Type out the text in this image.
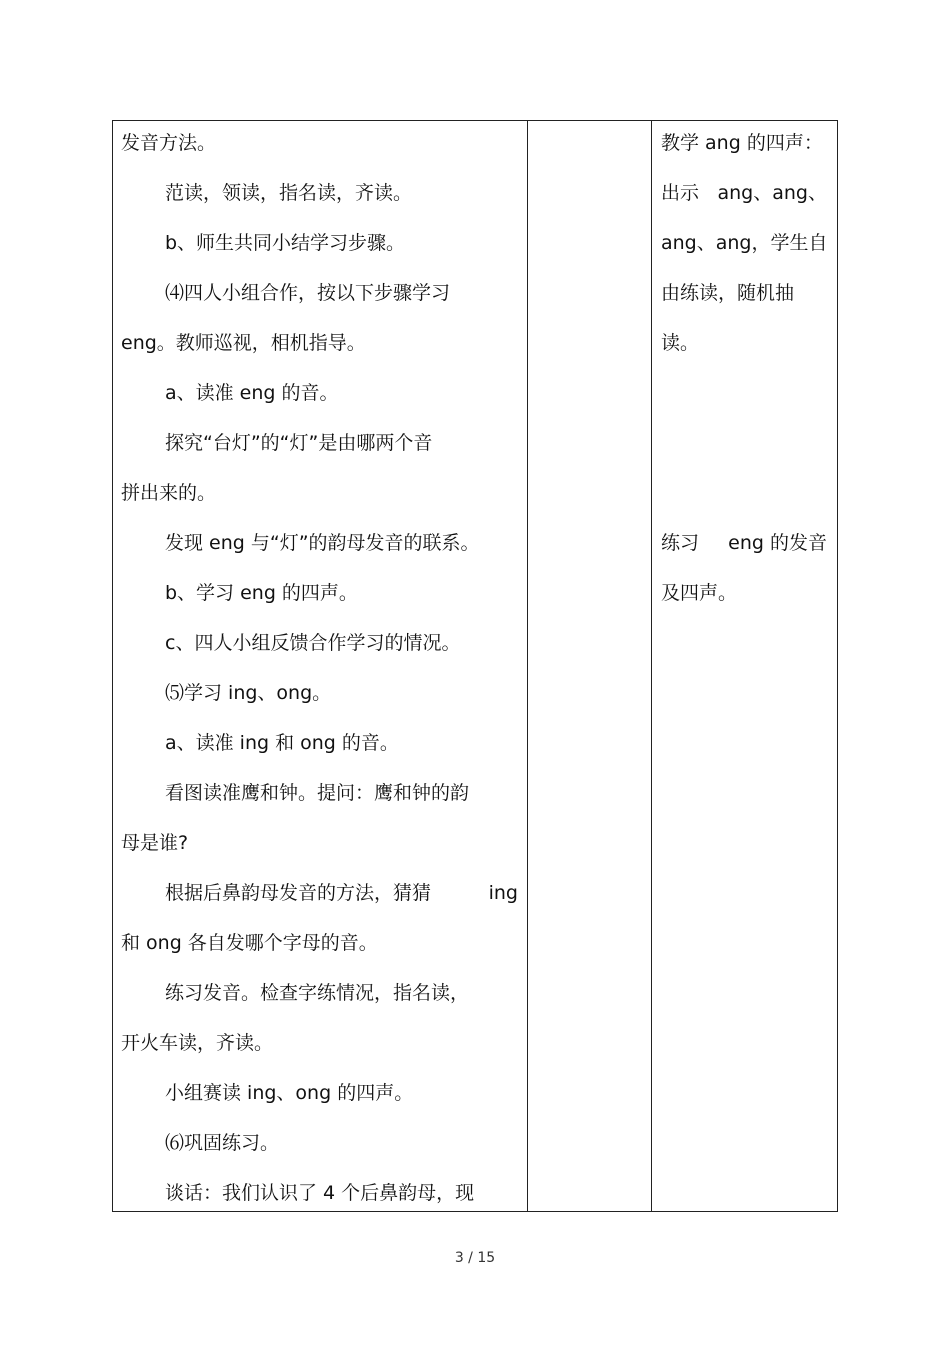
发音方法。
范读，领读，指名读，齐读。
b、师生共同小结学习步骤。
⑷四人小组合作，按以下步骤学习
eng。教师巡视，相机指导。
a、读准 eng 的音。
探究“台灯”的“灯”是由哪两个音
拼出来的。
发现 eng 与“灯”的韵母发音的联系。
b、学习 eng 的四声。
c、四人小组反馈合作学习的情况。
⑸学习 ing、ong。
a、读准 ing 和 ong 的音。
看图读准鹰和钟。提问：鹰和钟的韵
母是谁?
根据后鼻韵母发音的方法，猜猜	ing
和 ong 各自发哪个字母的音。
练习发音。检查字练情况，指名读，
开火车读，齐读。
小组赛读 ing、ong 的四声。
⑹巩固练习。
谈话：我们认识了 4 个后鼻韵母，现
教学 ang 的四声：
出示 ang、ang、
ang、ang，学生自
由练读，随机抽
读。
练习 eng 的发音
及四声。
3 / 15
